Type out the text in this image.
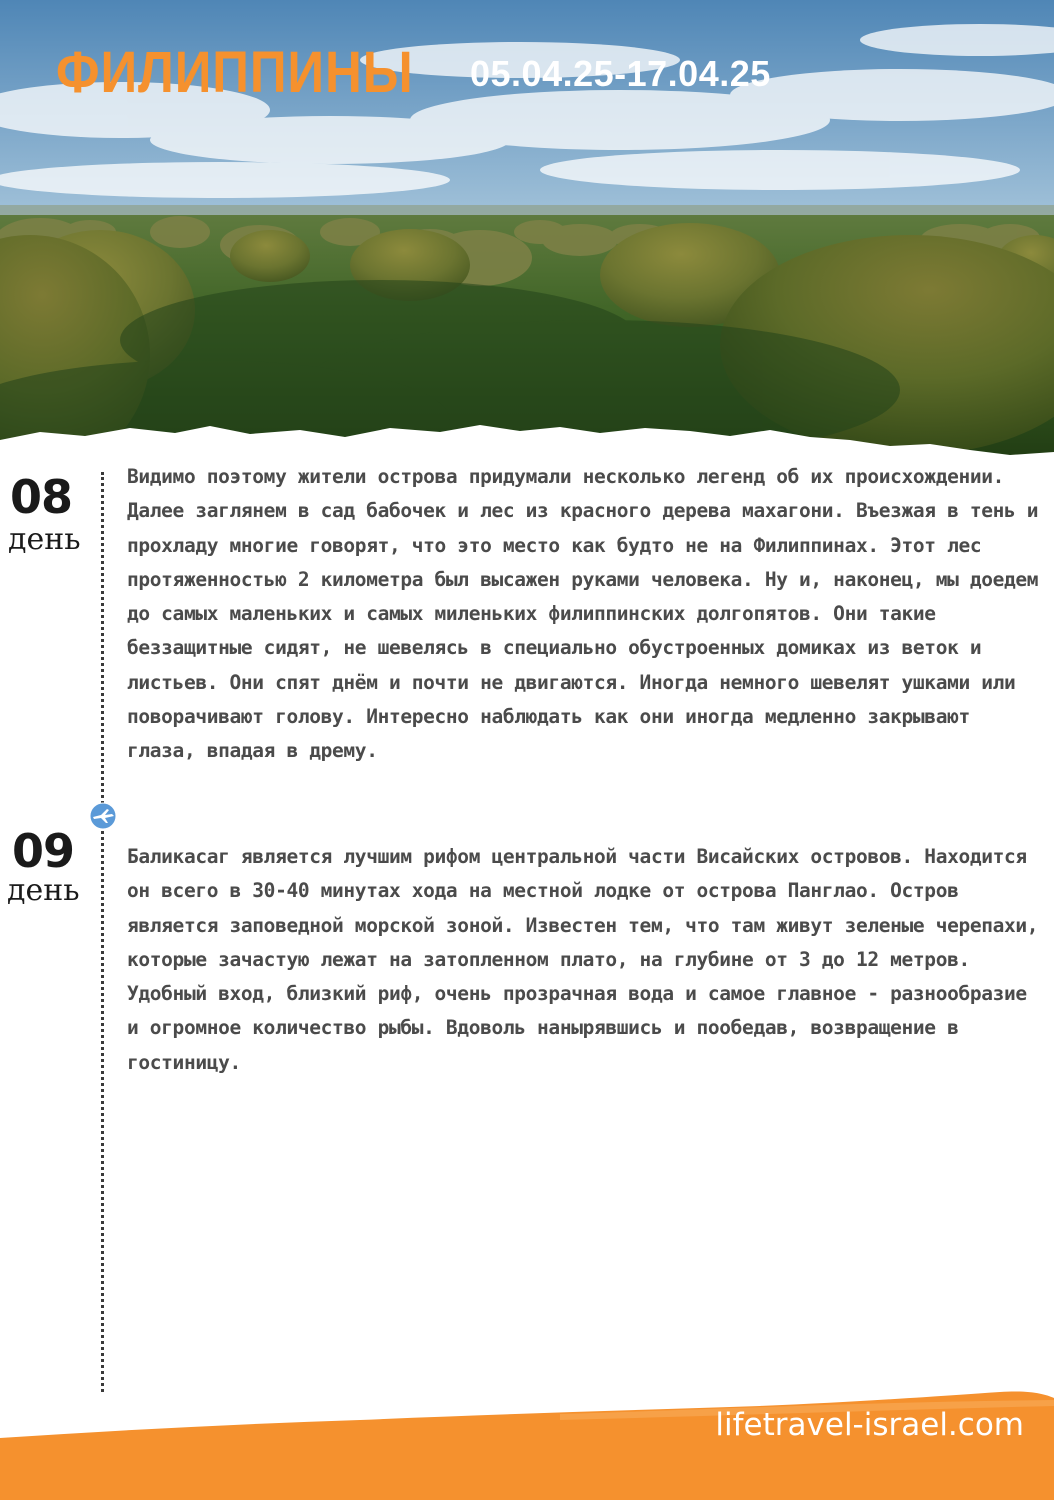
ФИЛИППИНЫ 05.04.25-17.04.25
08
день

Видимо поэтому жители острова придумали несколько легенд об их происхождении. Далее заглянем в сад бабочек и лес из красного дерева махагони. Въезжая в тень и прохладу многие говорят, что это место как будто не на Филиппинах. Этот лес протяженностью 2 километра был высажен руками человека. Ну и, наконец, мы доедем до самых маленьких и самых миленьких филиппинских долгопятов. Они такие беззащитные сидят, не шевелясь в специально обустроенных домиках из веток и листьев. Они спят днём и почти не двигаются. Иногда немного шевелят ушками или поворачивают голову. Интересно наблюдать как они иногда медленно закрывают глаза, впадая в дрему.

09
день

Баликасаг является лучшим рифом центральной части Висайских островов. Находится он всего в 30-40 минутах хода на местной лодке от острова Панглао. Остров является заповедной морской зоной. Известен тем, что там живут зеленые черепахи, которые зачастую лежат на затопленном плато, на глубине от 3 до 12 метров. Удобный вход, близкий риф, очень прозрачная вода и самое главное - разнообразие и огромное количество рыбы. Вдоволь нанырявшись и пообедав, возвращение в гостиницу.

lifetravel-israel.com
